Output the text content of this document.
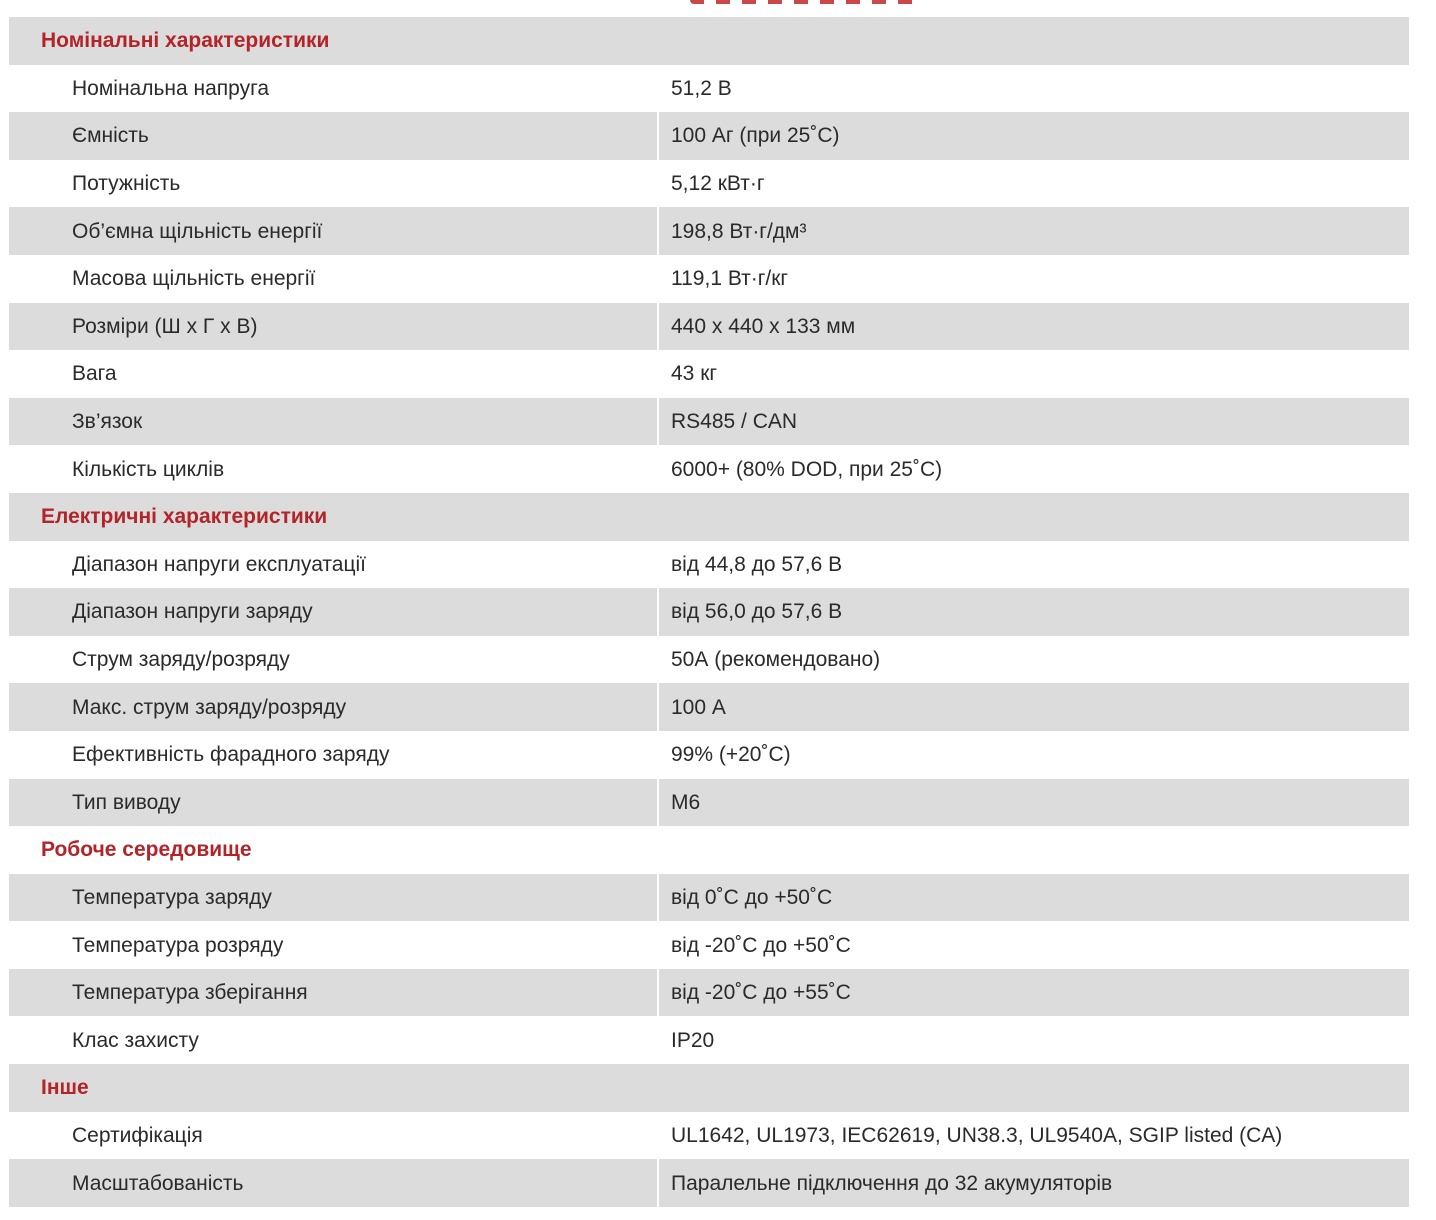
Номінальні характеристики	
Номінальна напруга	51,2 В
Ємність	100 Аг (при 25˚С)
Потужність	5,12 кВт·г
Об’ємна щільність енергії	198,8 Вт·г/дм³
Масова щільність енергії	119,1 Вт·г/кг
Розміри (Ш x Г x В)	440 x 440 x 133 мм
Вага	43 кг
Зв’язок	RS485 / CAN
Кількість циклів	6000+ (80% DOD, при 25˚С)
Електричні характеристики	
Діапазон напруги експлуатації	від 44,8 до 57,6 В
Діапазон напруги заряду	від 56,0 до 57,6 В
Струм заряду/розряду	50А (рекомендовано)
Макс. струм заряду/розряду	100 А
Ефективність фарадного заряду	99% (+20˚С)
Тип виводу	М6
Робоче середовище	
Температура заряду	від 0˚С до +50˚С
Температура розряду	від -20˚С до +50˚С
Температура зберігання	від -20˚С до +55˚С
Клас захисту	IP20
Інше	
Сертифікація	UL1642, UL1973, IEC62619, UN38.3, UL9540A, SGIP listed (CA)
Масштабованість	Паралельне підключення до 32 акумуляторів
